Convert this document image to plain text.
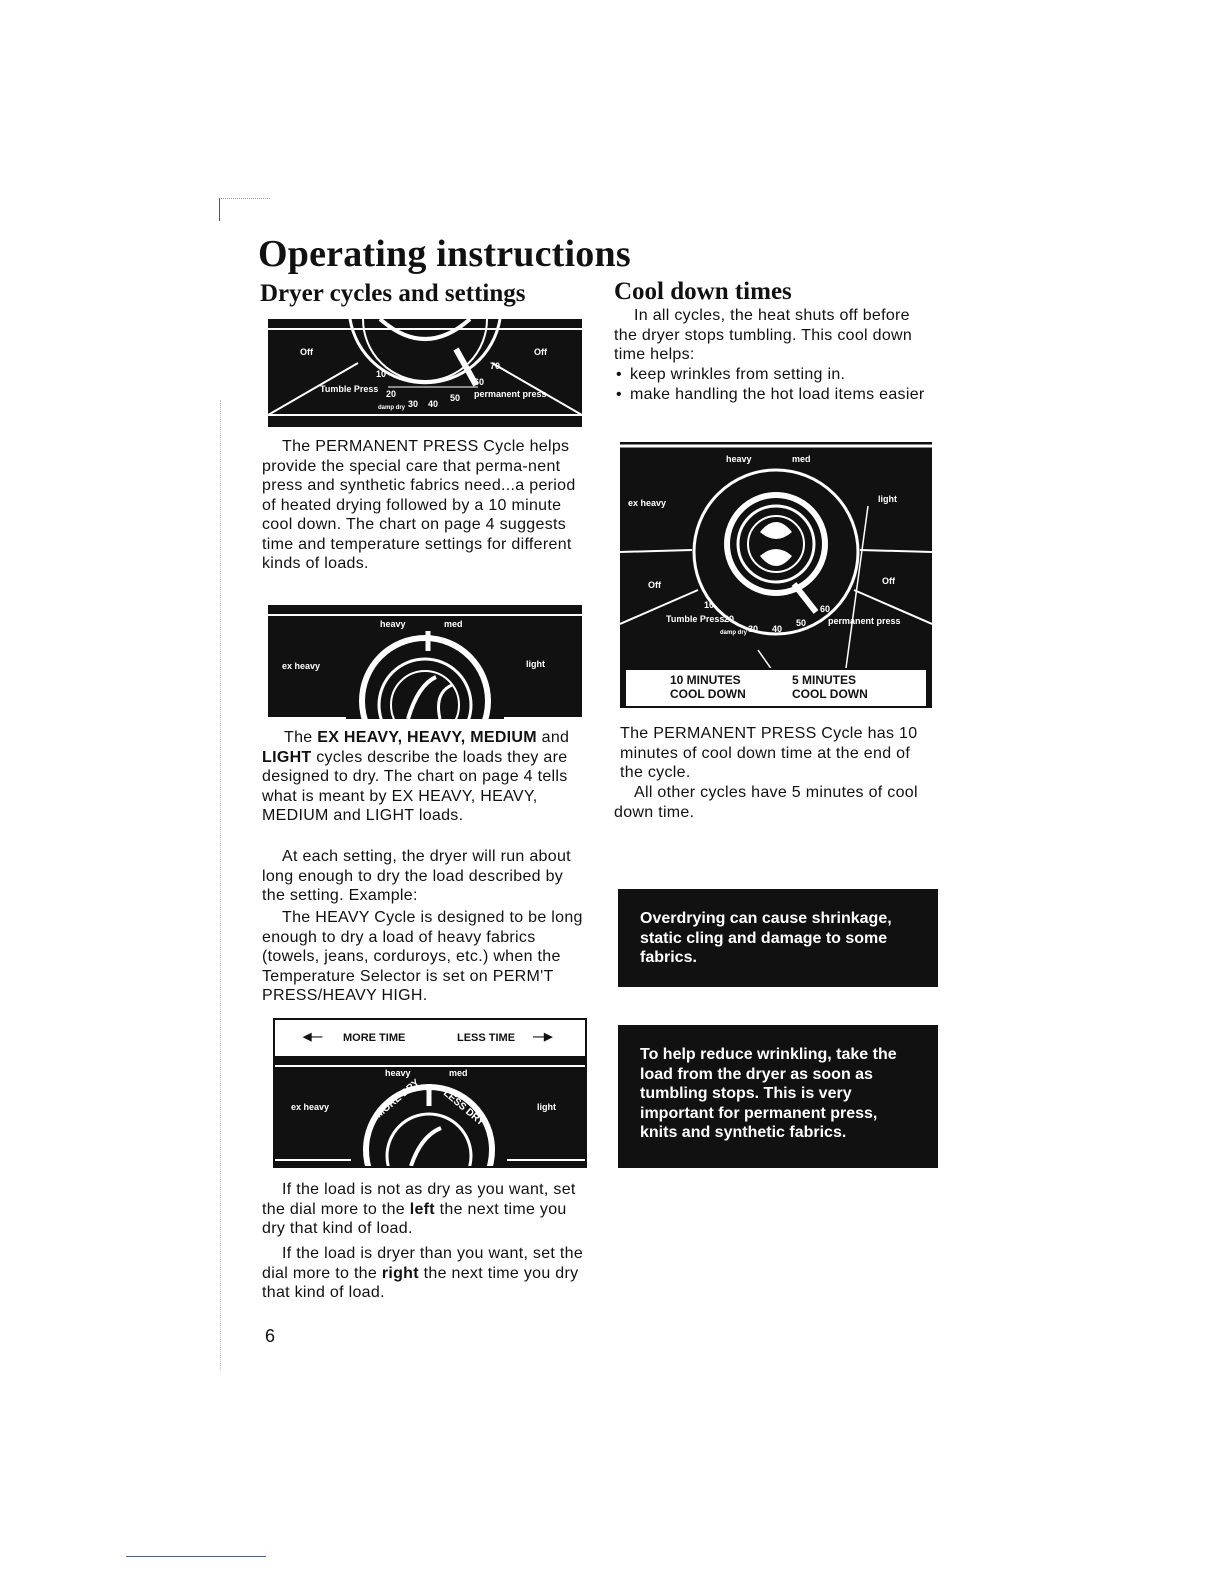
Operating instructions
Dryer cycles and settings
Off	Off
10
Tumble Press 20
damp dry 30 40
50
60
70
permanent press

The PERMANENT PRESS Cycle helps provide the special care that perma-nent press and synthetic fabrics need...a period of heated drying followed by a 10 minute cool down. The chart on page 4 suggests time and temperature settings for different kinds of loads.

heavy	med
ex heavy	light

The EX HEAVY, HEAVY, MEDIUM and LIGHT cycles describe the loads they are designed to dry. The chart on page 4 tells what is meant by EX HEAVY, HEAVY, MEDIUM and LIGHT loads.

At each setting, the dryer will run about long enough to dry the load described by the setting. Example:

The HEAVY Cycle is designed to be long enough to dry a load of heavy fabrics (towels, jeans, corduroys, etc.) when the Temperature Selector is set on PERM'T PRESS/HEAVY HIGH.

◀— MORE TIME	LESS TIME —▶
heavy	med
ex heavy	light
MORE DRY LESS DRY

If the load is not as dry as you want, set the dial more to the left the next time you dry that kind of load.

If the load is dryer than you want, set the dial more to the right the next time you dry that kind of load.

6
Cool down times

In all cycles, the heat shuts off before the dryer stops tumbling. This cool down time helps:

• keep wrinkles from setting in.
• make handling the hot load items easier
heavy	med
ex heavy	light
Off	Off
10
Tumble Press 20
damp dry 30 40
50
60
permanent press
10 MINUTES
COOL DOWN
5 MINUTES
COOL DOWN

The PERMANENT PRESS Cycle has 10 minutes of cool down time at the end of the cycle.

All other cycles have 5 minutes of cool down time.

Overdrying can cause shrinkage, static cling and damage to some fabrics.
To help reduce wrinkling, take the load from the dryer as soon as tumbling stops. This is very important for permanent press, knits and synthetic fabrics.
